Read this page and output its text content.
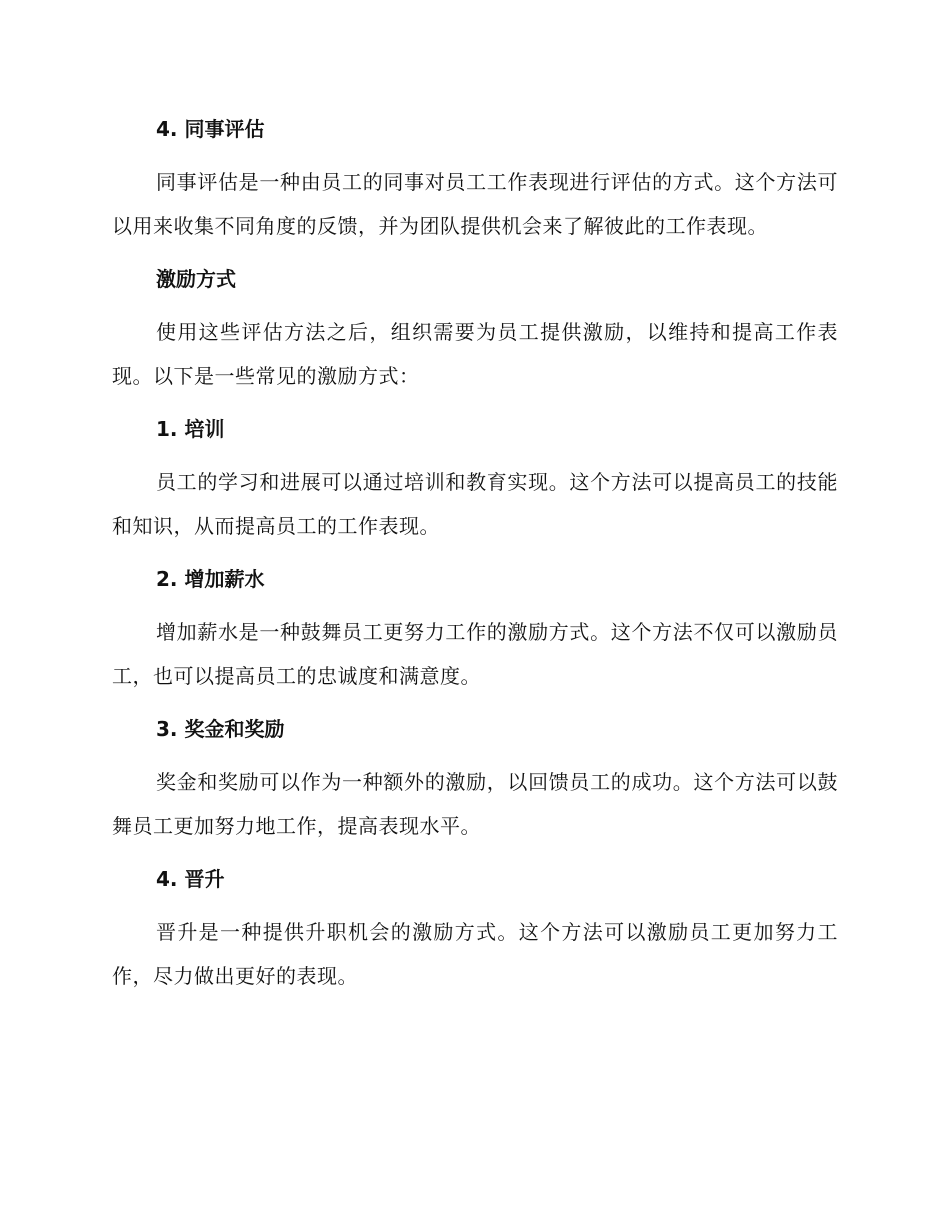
4. 同事评估

同事评估是一种由员工的同事对员工工作表现进行评估的方式。这个方法可以用来收集不同角度的反馈，并为团队提供机会来了解彼此的工作表现。

激励方式

使用这些评估方法之后，组织需要为员工提供激励，以维持和提高工作表现。以下是一些常见的激励方式：

1. 培训

员工的学习和进展可以通过培训和教育实现。这个方法可以提高员工的技能和知识，从而提高员工的工作表现。

2. 增加薪水

增加薪水是一种鼓舞员工更努力工作的激励方式。这个方法不仅可以激励员工，也可以提高员工的忠诚度和满意度。

3. 奖金和奖励

奖金和奖励可以作为一种额外的激励，以回馈员工的成功。这个方法可以鼓舞员工更加努力地工作，提高表现水平。

4. 晋升

晋升是一种提供升职机会的激励方式。这个方法可以激励员工更加努力工作，尽力做出更好的表现。
